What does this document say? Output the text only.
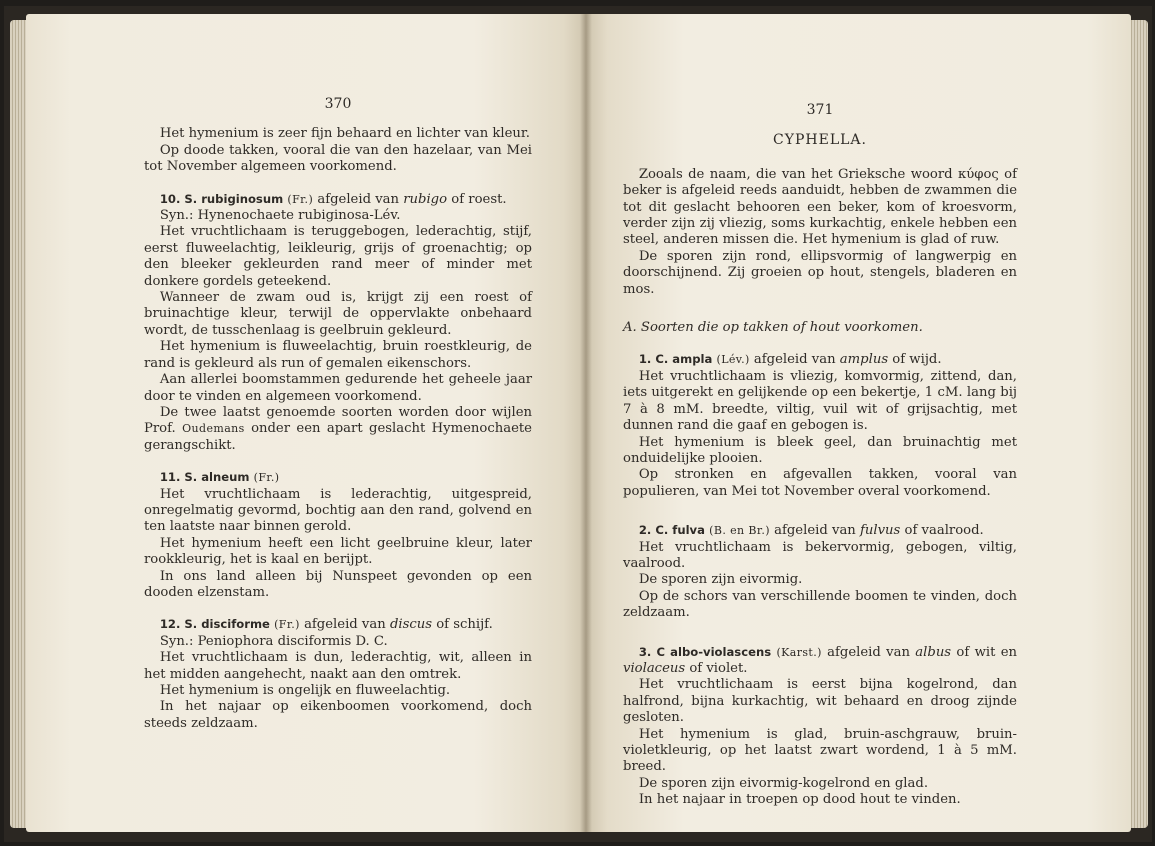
370

Het hymenium is zeer fijn behaard en lichter van kleur.

Op doode takken, vooral die van den hazelaar, van Mei tot November algemeen voorkomend.

10. S. rubiginosum (Fr.) afgeleid van rubigo of roest.

Syn.: Hynenochaete rubiginosa-Lév.

Het vruchtlichaam is teruggebogen, lederachtig, stijf, eerst fluweelachtig, leikleurig, grijs of groenachtig; op den bleeker gekleurden rand meer of minder met donkere gordels geteekend.

Wanneer de zwam oud is, krijgt zij een roest of bruinachtige kleur, terwijl de oppervlakte onbehaard wordt, de tusschenlaag is geelbruin gekleurd.

Het hymenium is fluweelachtig, bruin roestkleurig, de rand is gekleurd als run of gemalen eikenschors.

Aan allerlei boomstammen gedurende het geheele jaar door te vinden en algemeen voorkomend.

De twee laatst genoemde soorten worden door wijlen Prof. Oudemans onder een apart geslacht Hymenochaete gerangschikt.

11. S. alneum (Fr.)

Het vruchtlichaam is lederachtig, uitgespreid, onregelmatig gevormd, bochtig aan den rand, golvend en ten laatste naar binnen gerold.

Het hymenium heeft een licht geelbruine kleur, later rookkleurig, het is kaal en berijpt.

In ons land alleen bij Nunspeet gevonden op een dooden elzenstam.

12. S. disciforme (Fr.) afgeleid van discus of schijf.

Syn.: Peniophora disciformis D. C.

Het vruchtlichaam is dun, lederachtig, wit, alleen in het midden aangehecht, naakt aan den omtrek.

Het hymenium is ongelijk en fluweelachtig.

In het najaar op eikenboomen voorkomend, doch steeds zeldzaam.

371
CYPHELLA.

Zooals de naam, die van het Grieksche woord κύφος of beker is afgeleid reeds aanduidt, hebben de zwammen die tot dit geslacht behooren een beker, kom of kroesvorm, verder zijn zij vliezig, soms kurkachtig, enkele hebben een steel, anderen missen die. Het hymenium is glad of ruw.

De sporen zijn rond, ellipsvormig of langwerpig en doorschijnend. Zij groeien op hout, stengels, bladeren en mos.

A. Soorten die op takken of hout voorkomen.

1. C. ampla (Lév.) afgeleid van amplus of wijd.

Het vruchtlichaam is vliezig, komvormig, zittend, dan, iets uitgerekt en gelijkende op een bekertje, 1 cM. lang bij 7 à 8 mM. breedte, viltig, vuil wit of grijsachtig, met dunnen rand die gaaf en gebogen is.

Het hymenium is bleek geel, dan bruinachtig met onduidelijke plooien.

Op stronken en afgevallen takken, vooral van populieren, van Mei tot November overal voorkomend.

2. C. fulva (B. en Br.) afgeleid van fulvus of vaalrood.

Het vruchtlichaam is bekervormig, gebogen, viltig, vaalrood.

De sporen zijn eivormig.

Op de schors van verschillende boomen te vinden, doch zeldzaam.

3. C albo-violascens (Karst.) afgeleid van albus of wit en violaceus of violet.

Het vruchtlichaam is eerst bijna kogelrond, dan halfrond, bijna kurkachtig, wit behaard en droog zijnde gesloten.

Het hymenium is glad, bruin-aschgrauw, bruin-violetkleurig, op het laatst zwart wordend, 1 à 5 mM. breed.

De sporen zijn eivormig-kogelrond en glad.

In het najaar in troepen op dood hout te vinden.
